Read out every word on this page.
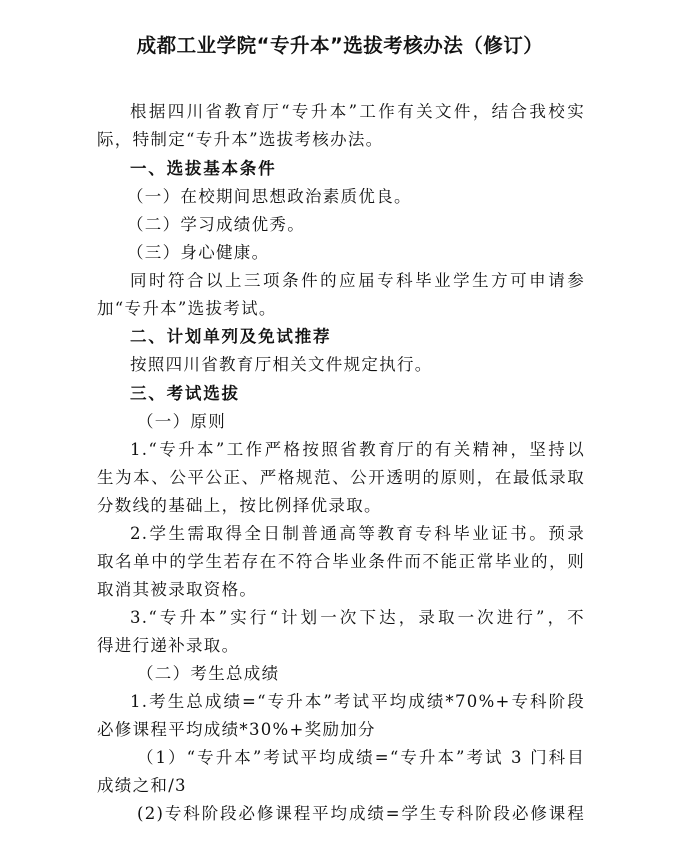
成都工业学院“专升本”选拔考核办法（修订）
根据四川省教育厅“专升本”工作有关文件，结合我校实
际，特制定“专升本”选拔考核办法。
一、选拔基本条件
（一）在校期间思想政治素质优良。
（二）学习成绩优秀。
（三）身心健康。
同时符合以上三项条件的应届专科毕业学生方可申请参
加“专升本”选拔考试。
二、计划单列及免试推荐
按照四川省教育厅相关文件规定执行。
三、考试选拔
（一）原则
1.“专升本”工作严格按照省教育厅的有关精神，坚持以
生为本、公平公正、严格规范、公开透明的原则，在最低录取
分数线的基础上，按比例择优录取。
2.学生需取得全日制普通高等教育专科毕业证书。预录
取名单中的学生若存在不符合毕业条件而不能正常毕业的，则
取消其被录取资格。
3.“专升本”实行“计划一次下达，录取一次进行”，不
得进行递补录取。
（二）考生总成绩
1.考生总成绩=“专升本”考试平均成绩*70%+专科阶段
必修课程平均成绩*30%+奖励加分
（1）“专升本”考试平均成绩=“专升本”考试 3 门科目
成绩之和/3
(2)专科阶段必修课程平均成绩=学生专科阶段必修课程
